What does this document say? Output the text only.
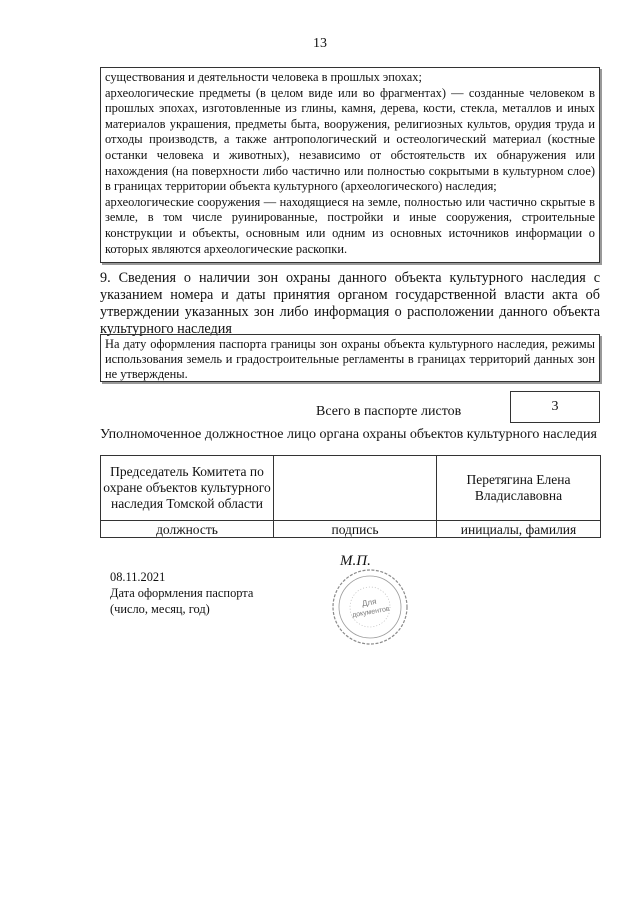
13

существования и деятельности человека в прошлых эпохах;

археологические предметы (в целом виде или во фрагментах) — созданные человеком в прошлых эпохах, изготовленные из глины, камня, дерева, кости, стекла, металлов и иных материалов украшения, предметы быта, вооружения, религиозных культов, орудия труда и отходы производств, а также антропологический и остеологический материал (костные останки человека и животных), независимо от обстоятельств их обнаружения или нахождения (на поверхности либо частично или полностью сокрытыми в культурном слое) в границах территории объекта культурного (археологического) наследия;

археологические сооружения — находящиеся на земле, полностью или частично скрытые в земле, в том числе руинированные, постройки и иные сооружения, строительные конструкции и объекты, основным или одним из основных источников информации о которых являются археологические раскопки.

9. Сведения о наличии зон охраны данного объекта культурного наследия с указанием номера и даты принятия органом государственной власти акта об утверждении указанных зон либо информация о расположении данного объекта культурного наследия
На дату оформления паспорта границы зон охраны объекта культурного наследия, режимы использования земель и градостроительные регламенты в границах территорий данных зон не утверждены.
Всего в паспорте листов	3
Уполномоченное должностное лицо органа охраны объектов культурного наследия
Председатель Комитета по охране объектов культурного наследия Томской области		Перетягина Елена Владиславовна
должность	подпись	инициалы, фамилия
М.П.
08.11.2021
Дата оформления паспорта
(число, месяц, год)	Для
документов
